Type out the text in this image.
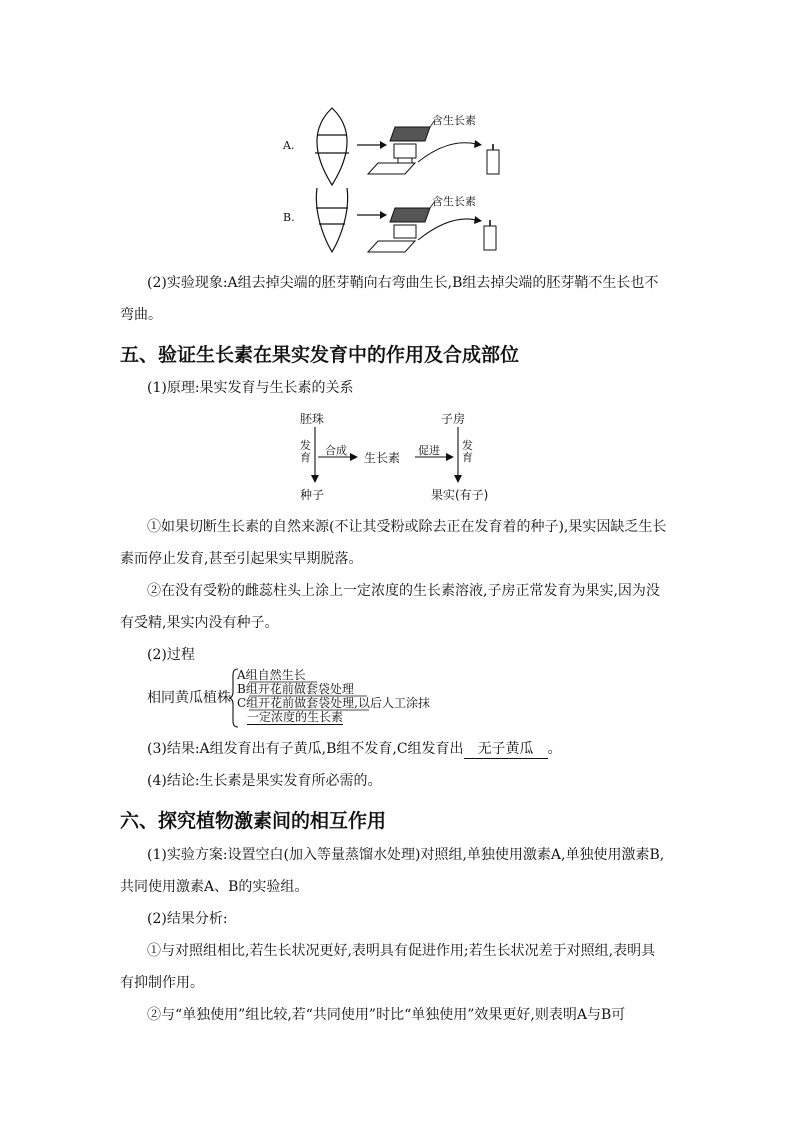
A.
B.
含生长素
含生长素
(2)实验现象:A组去掉尖端的胚芽鞘向右弯曲生长,B组去掉尖端的胚芽鞘不生长也不
弯曲。
五、验证生长素在果实发育中的作用及合成部位
(1)原理:果实发育与生长素的关系
胚珠	子房
发育
发育
合成
生长素
促进
种子	果实(有子)
①如果切断生长素的自然来源(不让其受粉或除去正在发育着的种子),果实因缺乏生长
素而停止发育,甚至引起果实早期脱落。
②在没有受粉的雌蕊柱头上涂上一定浓度的生长素溶液,子房正常发育为果实,因为没
有受精,果实内没有种子。
(2)过程
相同黄瓜植株
A组自然生长
B组开花前做套袋处理
C组开花前做套袋处理,以后人工涂抹
一定浓度的生长素
(3)结果:A组发育出有子黄瓜,B组不发育,C组发育出 无子黄瓜 。
(4)结论:生长素是果实发育所必需的。
六、探究植物激素间的相互作用
(1)实验方案:设置空白(加入等量蒸馏水处理)对照组,单独使用激素A,单独使用激素B,
共同使用激素A、B的实验组。
(2)结果分析:
①与对照组相比,若生长状况更好,表明具有促进作用;若生长状况差于对照组,表明具
有抑制作用。
②与“单独使用”组比较,若“共同使用”时比“单独使用”效果更好,则表明A与B可
